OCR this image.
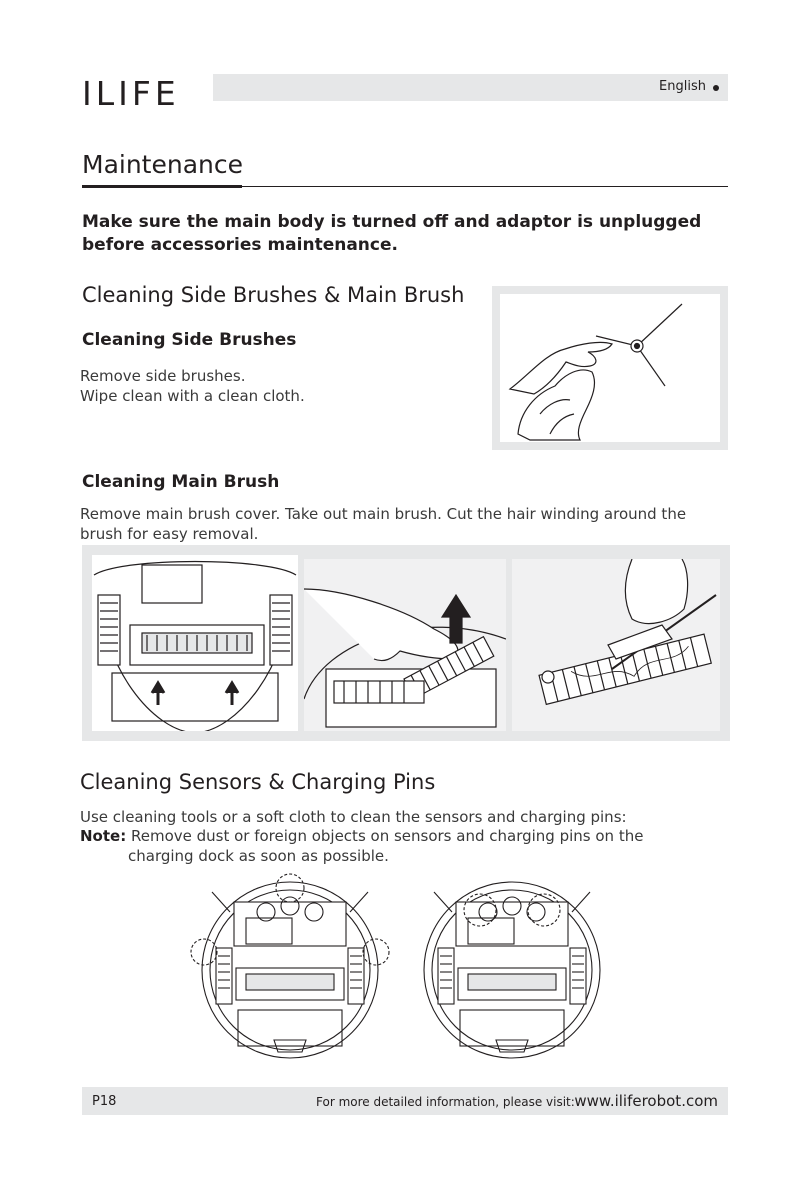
ILIFE	English
Maintenance
Make sure the main body is turned off and adaptor is unplugged before accessories maintenance.
Cleaning Side Brushes & Main Brush
Cleaning Side Brushes
Remove side brushes.
Wipe clean with a clean cloth.
Cleaning Main Brush
Remove main brush cover. Take out main brush. Cut the hair winding around the brush for easy removal.
Cleaning Sensors & Charging Pins
Use cleaning tools or a soft cloth to clean the sensors and charging pins:
Note: Remove dust or foreign objects on sensors and charging pins on the
charging dock as soon as possible.
P18	For more detailed information, please visit: www.iliferobot.com
